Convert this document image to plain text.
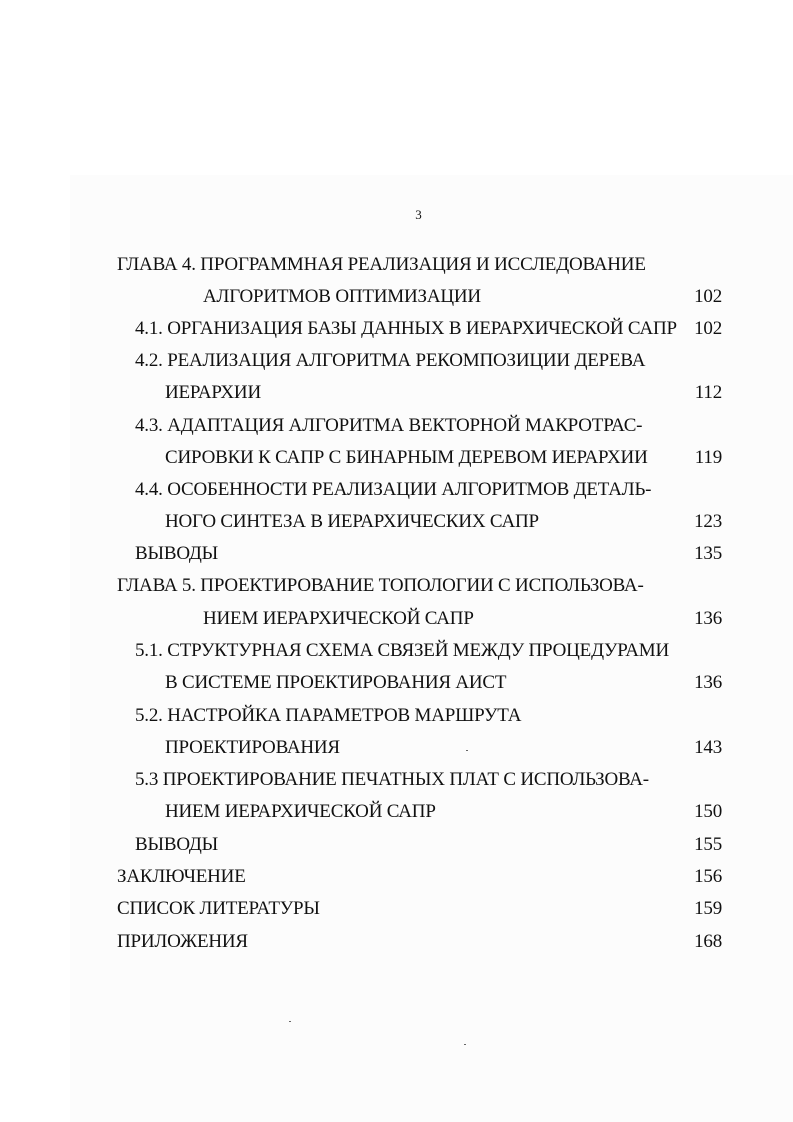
3
ГЛАВА 4. ПРОГРАММНАЯ РЕАЛИЗАЦИЯ И ИССЛЕДОВАНИЕ
АЛГОРИТМОВ ОПТИМИЗАЦИИ	102
4.1. ОРГАНИЗАЦИЯ БАЗЫ ДАННЫХ В ИЕРАРХИЧЕСКОЙ САПР 102
4.2. РЕАЛИЗАЦИЯ АЛГОРИТМА РЕКОМПОЗИЦИИ ДЕРЕВА
ИЕРАРХИИ	112
4.3. АДАПТАЦИЯ АЛГОРИТМА ВЕКТОРНОЙ МАКРОТРАС-
СИРОВКИ К САПР С БИНАРНЫМ ДЕРЕВОМ ИЕРАРХИИ 119
4.4. ОСОБЕННОСТИ РЕАЛИЗАЦИИ АЛГОРИТМОВ ДЕТАЛЬ-
НОГО СИНТЕЗА В ИЕРАРХИЧЕСКИХ САПР	123
ВЫВОДЫ	135
ГЛАВА 5. ПРОЕКТИРОВАНИЕ ТОПОЛОГИИ С ИСПОЛЬЗОВА-
НИЕМ ИЕРАРХИЧЕСКОЙ САПР	136
5.1. СТРУКТУРНАЯ СХЕМА СВЯЗЕЙ МЕЖДУ ПРОЦЕДУРАМИ
В СИСТЕМЕ ПРОЕКТИРОВАНИЯ АИСТ	136
5.2. НАСТРОЙКА ПАРАМЕТРОВ МАРШРУТА
ПРОЕКТИРОВАНИЯ	143
5.3 ПРОЕКТИРОВАНИЕ ПЕЧАТНЫХ ПЛАТ С ИСПОЛЬЗОВА-
НИЕМ ИЕРАРХИЧЕСКОЙ САПР	150
ВЫВОДЫ	155
ЗАКЛЮЧЕНИЕ	156
СПИСОК ЛИТЕРАТУРЫ	159
ПРИЛОЖЕНИЯ	168
